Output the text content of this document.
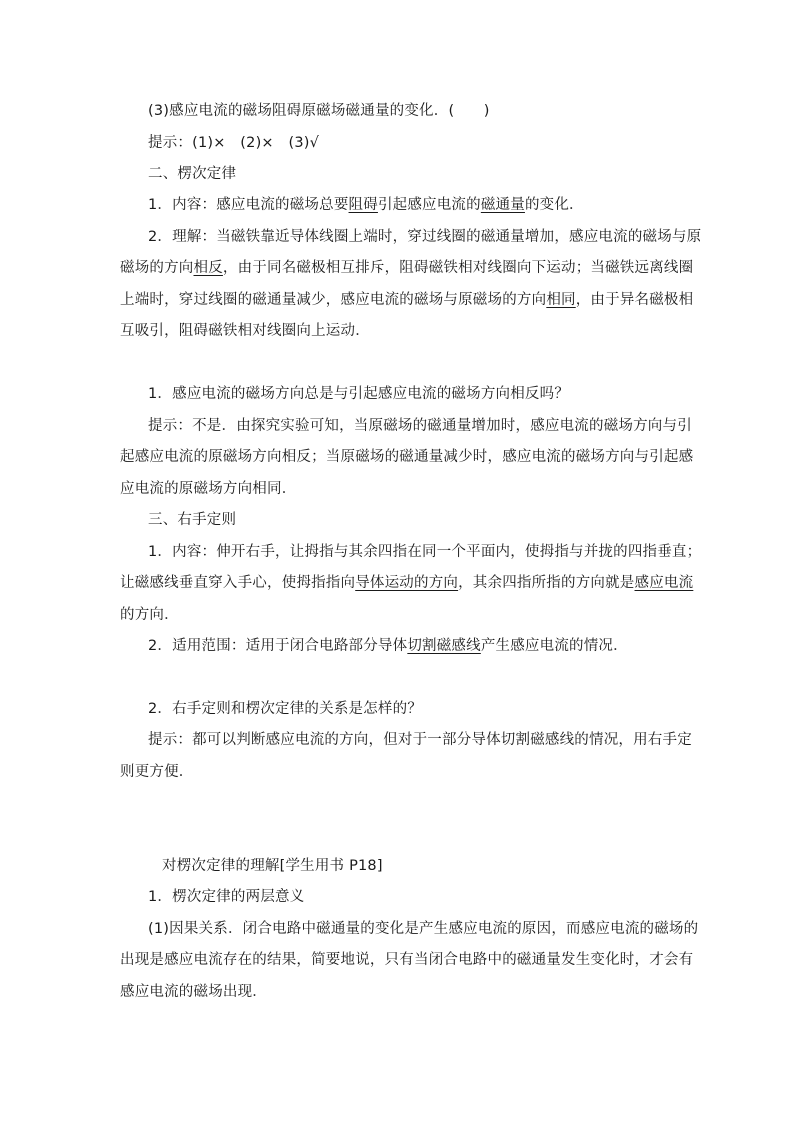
(3)感应电流的磁场阻碍原磁场磁通量的变化．(　　)
提示：(1)×　(2)×　(3)√
二、楞次定律
1．内容：感应电流的磁场总要阻碍引起感应电流的磁通量的变化．
2．理解：当磁铁靠近导体线圈上端时，穿过线圈的磁通量增加，感应电流的磁场与原
磁场的方向相反，由于同名磁极相互排斥，阻碍磁铁相对线圈向下运动；当磁铁远离线圈
上端时，穿过线圈的磁通量减少，感应电流的磁场与原磁场的方向相同，由于异名磁极相
互吸引，阻碍磁铁相对线圈向上运动．
1．感应电流的磁场方向总是与引起感应电流的磁场方向相反吗？
提示：不是．由探究实验可知，当原磁场的磁通量增加时，感应电流的磁场方向与引
起感应电流的原磁场方向相反；当原磁场的磁通量减少时，感应电流的磁场方向与引起感
应电流的原磁场方向相同．
三、右手定则
1．内容：伸开右手，让拇指与其余四指在同一个平面内，使拇指与并拢的四指垂直；
让磁感线垂直穿入手心，使拇指指向导体运动的方向，其余四指所指的方向就是感应电流
的方向．
2．适用范围：适用于闭合电路部分导体切割磁感线产生感应电流的情况．
2．右手定则和楞次定律的关系是怎样的？
提示：都可以判断感应电流的方向，但对于一部分导体切割磁感线的情况，用右手定
则更方便．
对楞次定律的理解[学生用书 P18]
1．楞次定律的两层意义
(1)因果关系．闭合电路中磁通量的变化是产生感应电流的原因，而感应电流的磁场的
出现是感应电流存在的结果，简要地说，只有当闭合电路中的磁通量发生变化时，才会有
感应电流的磁场出现．
